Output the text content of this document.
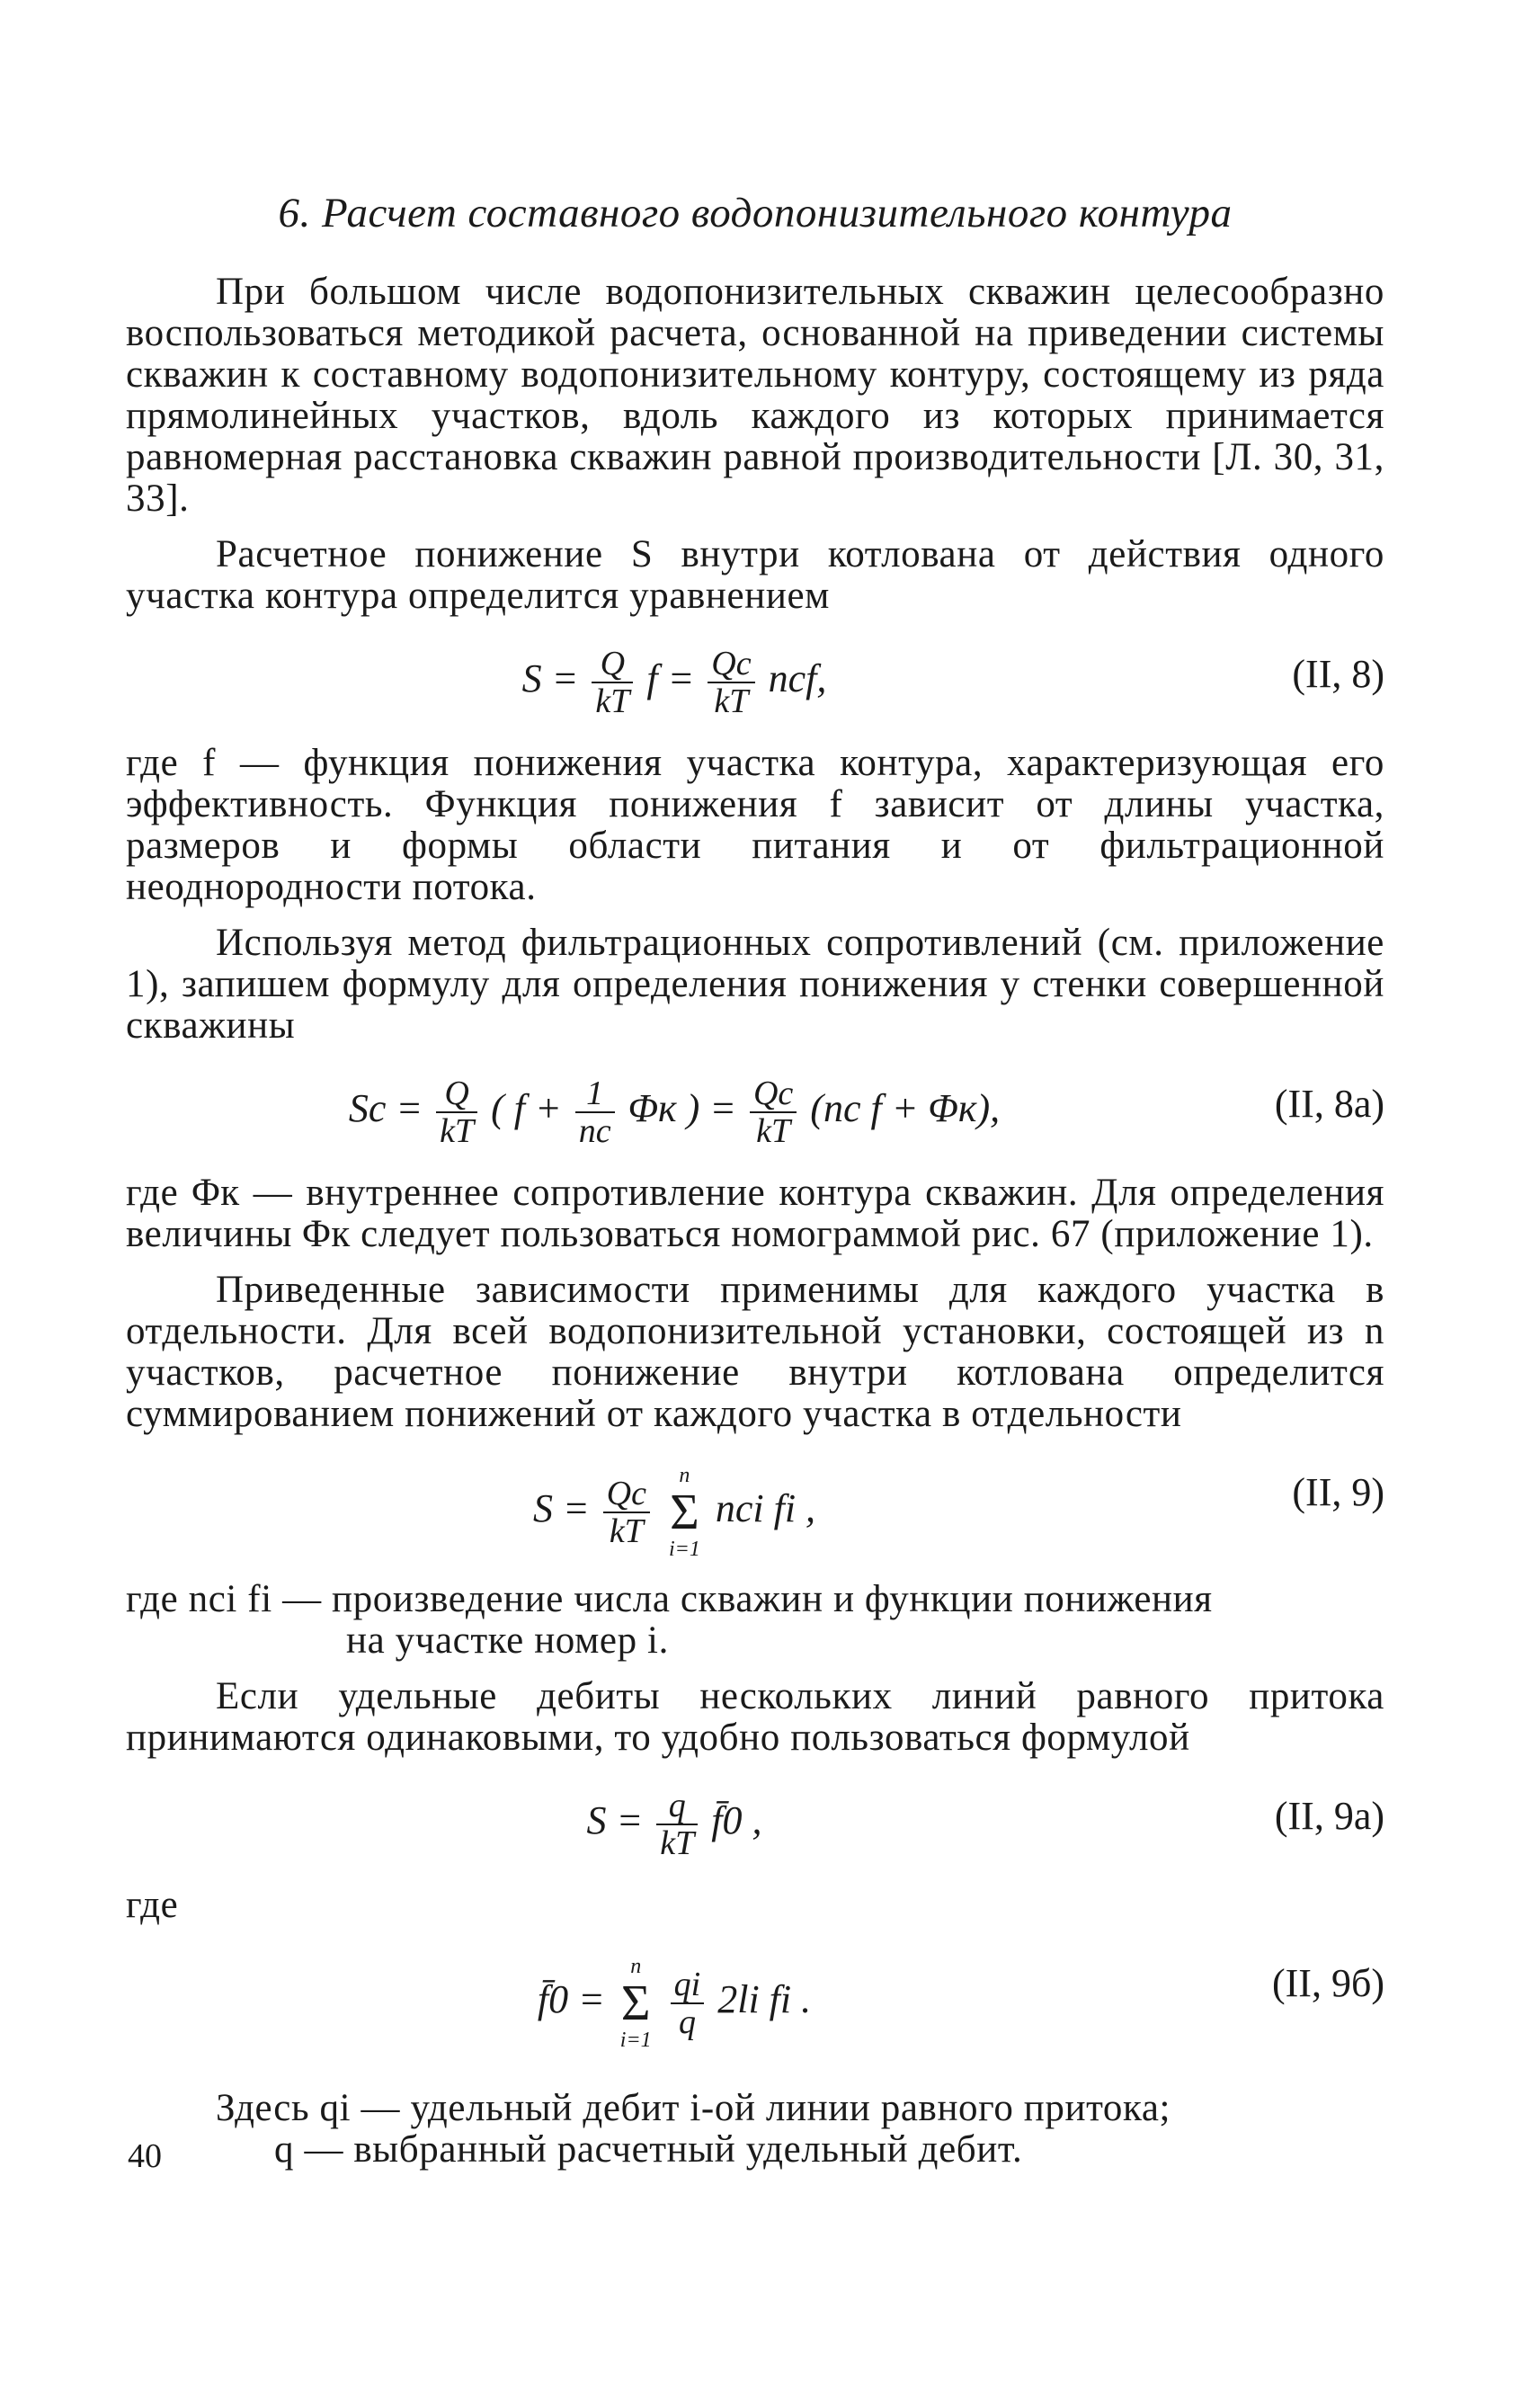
6. Расчет составного водопонизительного контура

При большом числе водопонизительных скважин целесообразно воспользоваться методикой расчета, основанной на приведении системы скважин к составному водопонизительному контуру, состоящему из ряда прямолинейных участков, вдоль каждого из которых принимается равномерная расстановка скважин равной производительности [Л. 30, 31, 33].

Расчетное понижение S внутри котлована от действия одного участка контура определится уравнением

$S = \frac{Q}{kT}$ $f = \frac{Qс}{kT}$ nсf,	(II, 8)

где f — функция понижения участка контура, характеризующая его эффективность. Функция понижения f зависит от длины участка, размеров и формы области питания и от фильтрационной неоднородности потока.

Используя метод фильтрационных сопротивлений (см. приложение 1), запишем формулу для определения понижения у стенки совершенной скважины

Sс = $\frac{Q}{kT}$ ( $f + \frac{1}{nс}$ Φк ) = $\frac{Qс}{kT} (nс$ f + Φк),	(II, 8а)

где Φк — внутреннее сопротивление контура скважин. Для определения величины Φк следует пользоваться номограммой рис. 67 (приложение 1).

Приведенные зависимости применимы для каждого участка в отдельности. Для всей водопонизительной установки, состоящей из n участков, расчетное понижение внутри котлована определится суммированием понижений от каждого участка в отдельности

$S = \frac{Qс}{kT}$ n
Σ
i=1 nсi fi ,	(II, 9)

где nсi fi — произведение числа скважин и функции понижения

на участке номер i.

Если удельные дебиты нескольких линий равного притока принимаются одинаковыми, то удобно пользоваться формулой

$S = \frac{q}{kT}$ f̄0 ,	(II, 9а)

где

f̄0 = n
Σ
$i=1 \frac{qi}{q} 2li$ fi .	(II, 9б)

Здесь qi — удельный дебит i-ой линии равного притока;

q — выбранный расчетный удельный дебит.

40
